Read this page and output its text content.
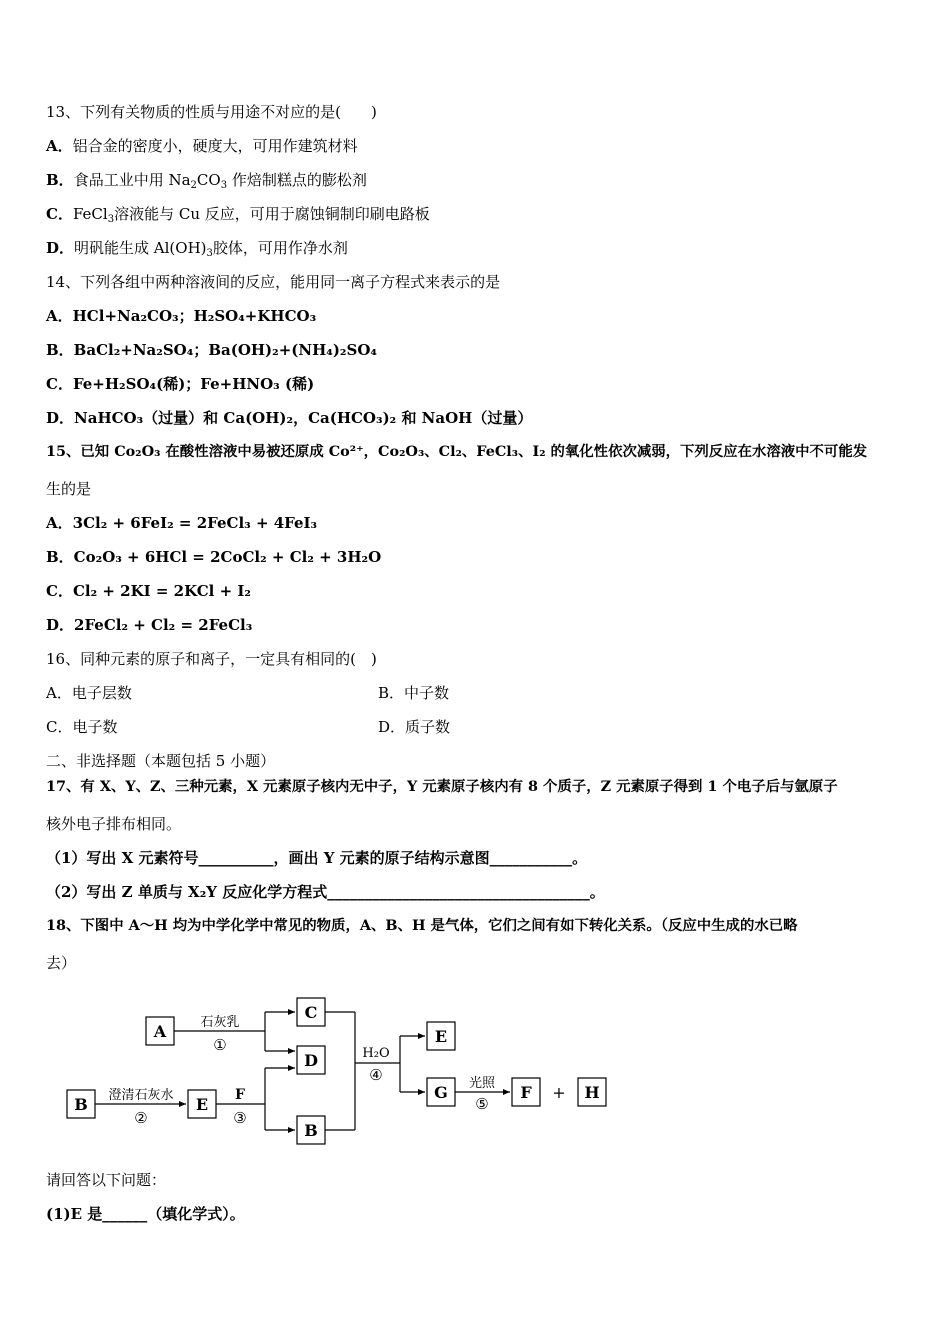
13、下列有关物质的性质与用途不对应的是(　　)
A．铝合金的密度小，硬度大，可用作建筑材料
B．食品工业中用 $Na_2CO_3$ 作焙制糕点的膨松剂
C．FeCl$_3$溶液能与 Cu 反应，可用于腐蚀铜制印刷电路板
D．明矾能生成 $Al(OH)_3$胶体，可用作净水剂
14、下列各组中两种溶液间的反应，能用同一离子方程式来表示的是
A．HCl+Na₂CO₃；H₂SO₄+KHCO₃
B．BaCl₂+Na₂SO₄；Ba(OH)₂+(NH₄)₂SO₄
C．Fe+H₂SO₄(稀)；Fe+HNO₃ (稀)
D．NaHCO₃（过量）和 Ca(OH)₂，Ca(HCO₃)₂ 和 NaOH（过量）
15、已知 Co₂O₃ 在酸性溶液中易被还原成 Co²⁺，Co₂O₃、Cl₂、FeCl₃、I₂ 的氧化性依次减弱，下列反应在水溶液中不可能发
生的是
A．3Cl₂ + 6FeI₂ = 2FeCl₃ + 4FeI₃
B．Co₂O₃ + 6HCl = 2CoCl₂ + Cl₂ + 3H₂O
C．Cl₂ + 2KI = 2KCl + I₂
D．2FeCl₂ + Cl₂ = 2FeCl₃
16、同种元素的原子和离子，一定具有相同的(　)
A．电子层数	B．中子数
C．电子数	D．质子数
二、非选择题（本题包括 5 小题）
17、有 X、Y、Z、三种元素，X 元素原子核内无中子，Y 元素原子核内有 8 个质子，Z 元素原子得到 1 个电子后与氩原子
核外电子排布相同。
（1）写出 X 元素符号__________，画出 Y 元素的原子结构示意图___________。
（2）写出 Z 单质与 X₂Y 反应化学方程式___________________________________。
18、下图中 A～H 均为中学化学中常见的物质，A、B、H 是气体，它们之间有如下转化关系。（反应中生成的水已略
去）
A
B
C
D
E
B
E
G	F	H
石灰乳
①
澄清石灰水
②
F
③
H₂O
④	光照
⑤
+
请回答以下问题：
(1)E 是______（填化学式）。
